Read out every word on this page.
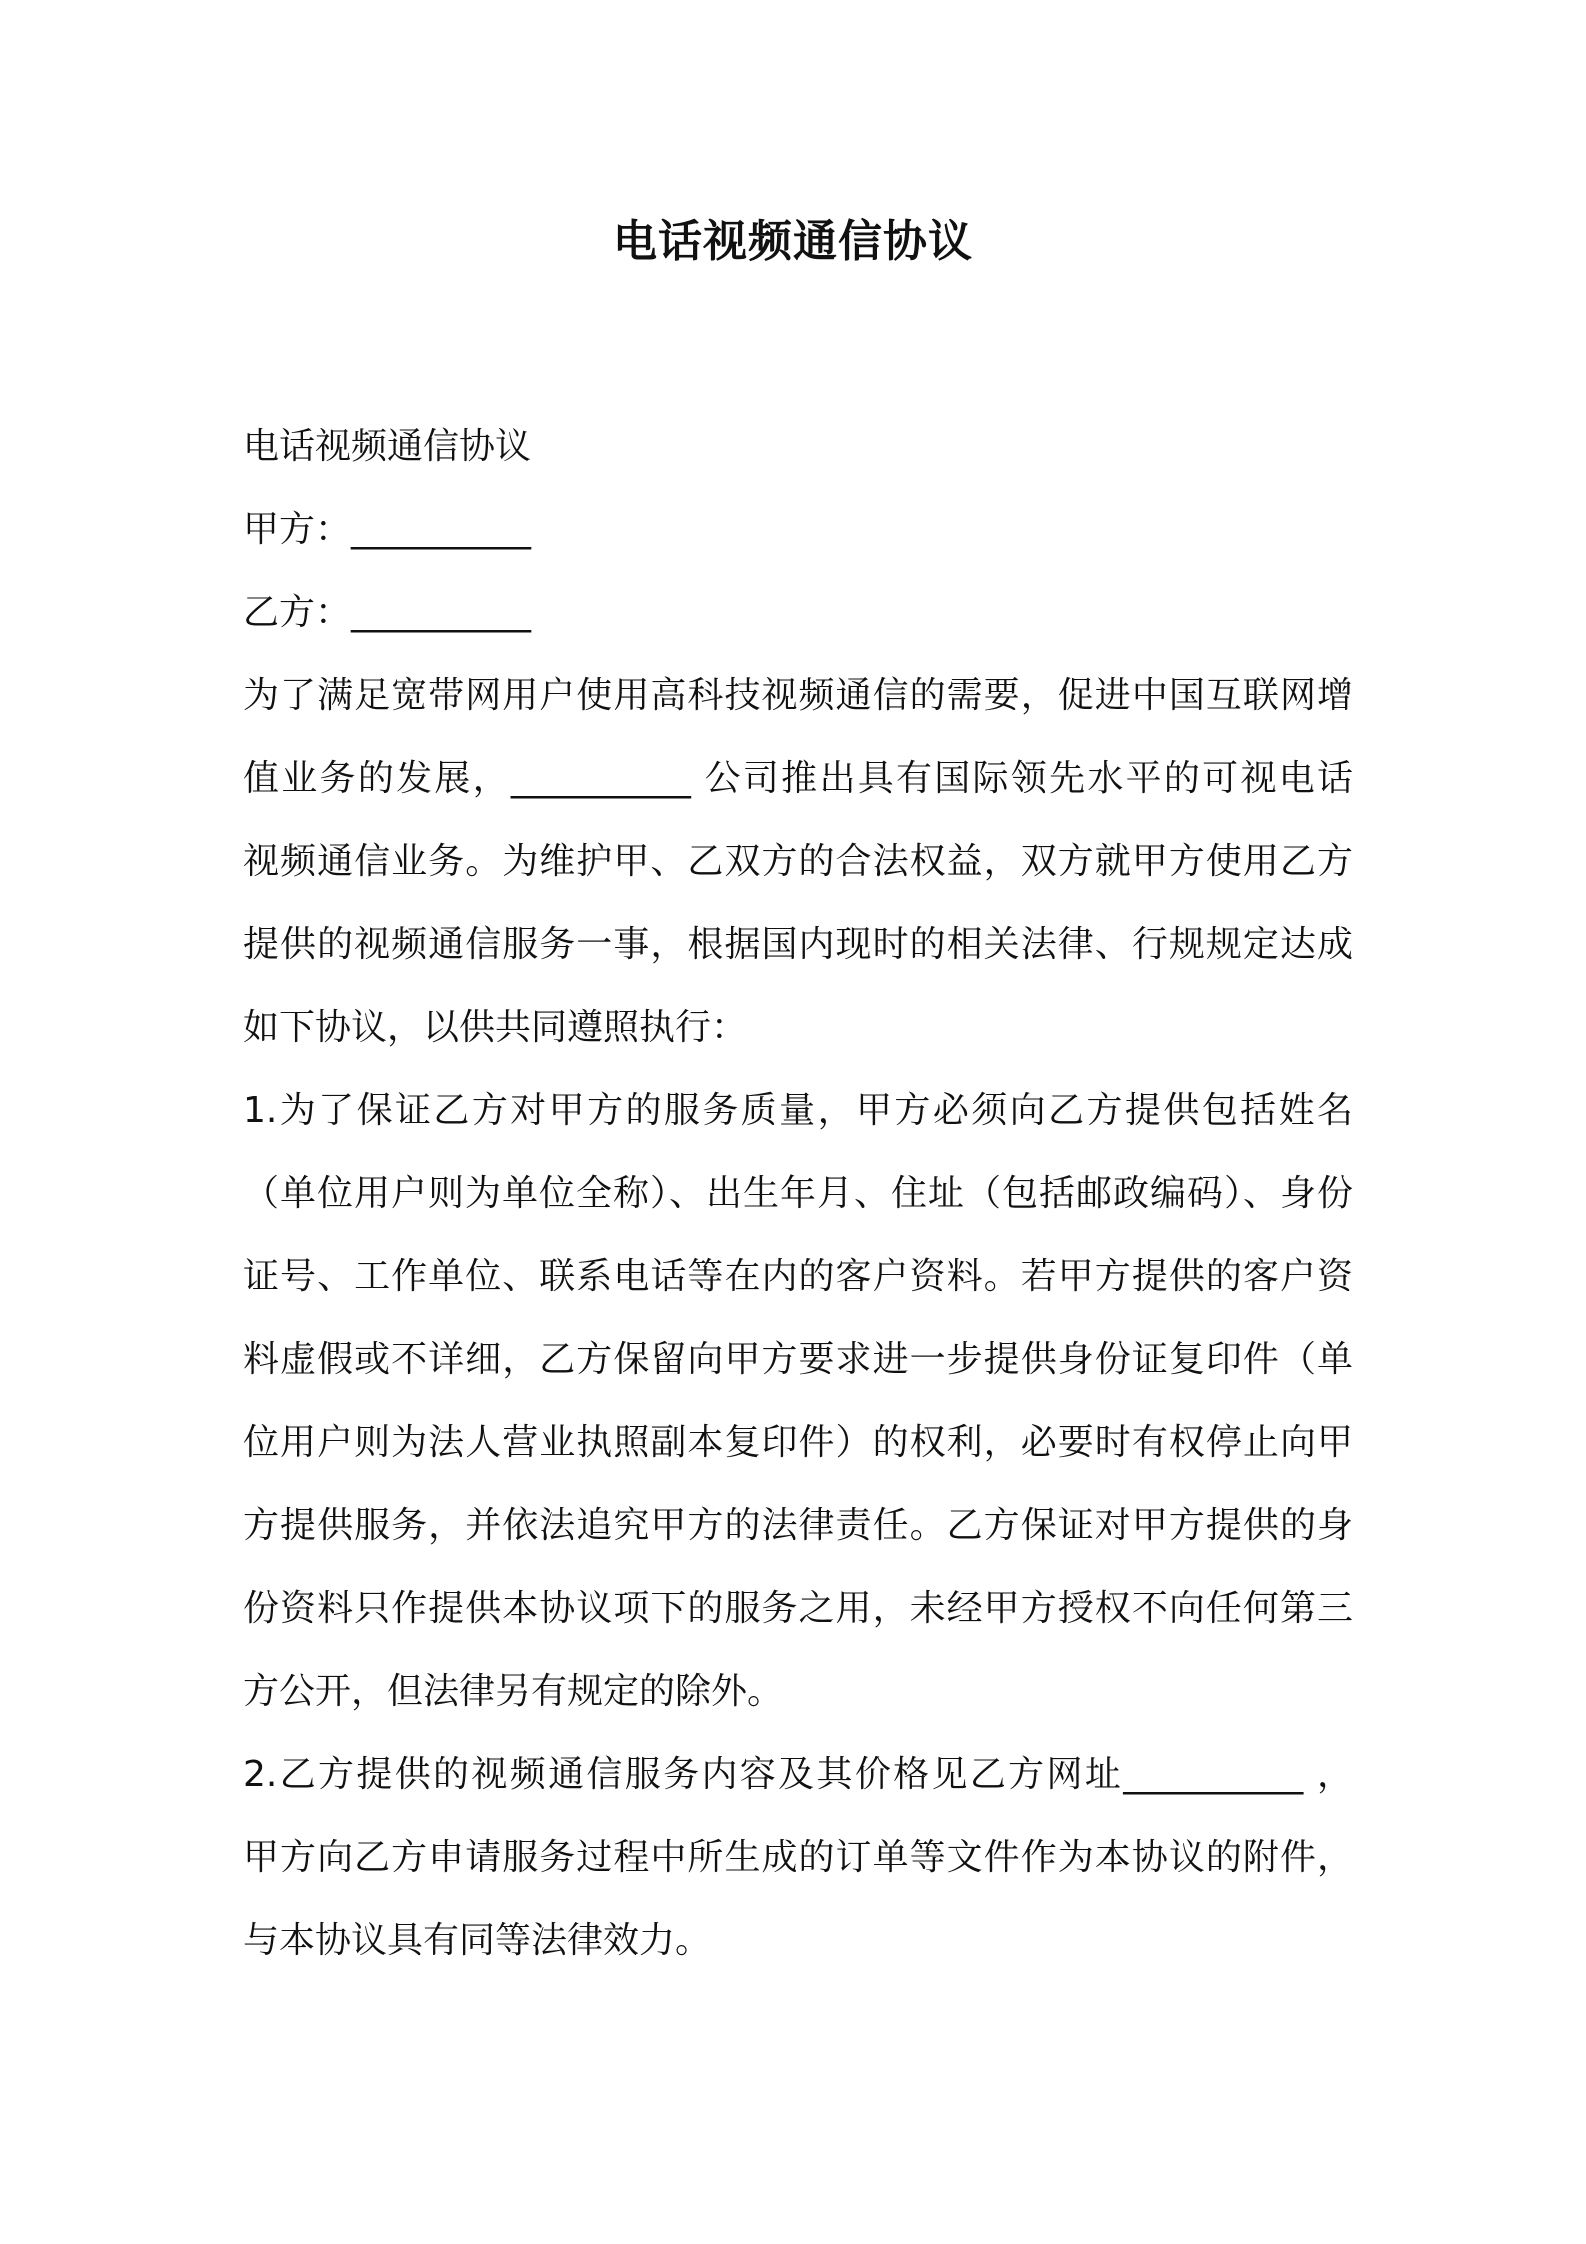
电话视频通信协议
电话视频通信协议
甲方：__________
乙方：__________
为了满足宽带网用户使用高科技视频通信的需要，促进中国互联网增
值业务的发展，__________ 公司推出具有国际领先水平的可视电话
视频通信业务。为维护甲、乙双方的合法权益，双方就甲方使用乙方
提供的视频通信服务一事，根据国内现时的相关法律、行规规定达成
如下协议，以供共同遵照执行：
1.为了保证乙方对甲方的服务质量，甲方必须向乙方提供包括姓名
（单位用户则为单位全称）、出生年月、住址（包括邮政编码）、身份
证号、工作单位、联系电话等在内的客户资料。若甲方提供的客户资
料虚假或不详细，乙方保留向甲方要求进一步提供身份证复印件（单
位用户则为法人营业执照副本复印件）的权利，必要时有权停止向甲
方提供服务，并依法追究甲方的法律责任。乙方保证对甲方提供的身
份资料只作提供本协议项下的服务之用，未经甲方授权不向任何第三
方公开，但法律另有规定的除外。
2.乙方提供的视频通信服务内容及其价格见乙方网址__________ ，
甲方向乙方申请服务过程中所生成的订单等文件作为本协议的附件，
与本协议具有同等法律效力。
